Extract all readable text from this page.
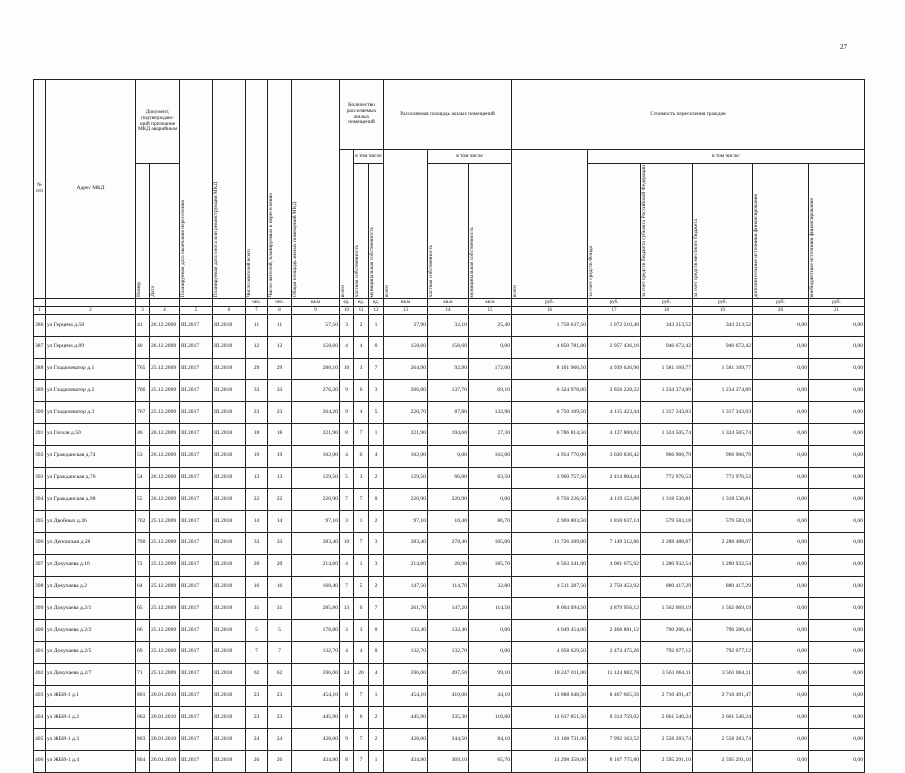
27
№ п/п	Адрес МКД	Документ, подтверждаю-щий признание МКД аварийным		Планируемая дата окончания переселения	Планируемая дата сноса или реконструкции МКД	Число жителей всего	Число жителей, планируемых к переселению	Общая площадь жилых помещений МКД	Количество расселяемых жилых помещений			Расселяемая площадь жилых помещений			Стоимость переселения граждан					

									всего	в том числе		всего	в том числе		всего	в том числе:				

		Номер	Дата							частная собственность	муниципальная собственность		частная собственность	муниципальная собственность		за счет средств Фонда	за счет средств бюджета субъекта Российской Федерации	за счет средств местного бюджета	дополнительные источники финансирования	внебюджетные источники финансирования

						чел.	чел.	кв.м	ед.	ед.	ед.	кв.м	кв.м	кв.м	руб.	руб.	руб.	руб.	руб.	руб.
1	2	3	4	5	6	7	8	9	10	11	12	13	14	15	16	17	18	19	20	21
386	ул Герцена д.58	41	26.12.2009	III.2017	III.2018	11	11	57,50	3	2	1	37,90	32,10	25,40	1 758 637,50	1 072 210,46	343 213,52	343 213,52	0,00	0,00
387	ул Герцена д.89	40	26.12.2009	III.2017	III.2018	12	12	158,60	4	4	0	158,60	158,60	0,00	4 850 781,00	2 957 436,16	946 672,42	946 672,42	0,00	0,00
388	ул Гладилеватор д.1	765	25.12.2009	III.2017	III.2018	29	29	288,10	10	3	7	264,90	92,90	172,00	8 101 966,50	4 939 626,96	1 581 169,77	1 581 169,77	0,00	0,00
389	ул Гладилеватор д.2	766	25.12.2009	III.2017	III.2018	33	33	276,20	9	6	3	206,80	137,70	69,10	6 324 978,00	3 856 228,22	1 234 374,89	1 234 374,89	0,00	0,00
390	ул Гладилеватор д.3	767	25.12.2009	III.2017	III.2018	23	23	264,20	9	4	5	220,70	87,80	132,90	6 750 109,50	4 115 423,44	1 317 343,03	1 317 343,03	0,00	0,00
391	ул Гоголя д.50	46	26.12.2009	III.2017	III.2018	18	18	221,90	8	7	1	221,90	194,60	27,30	6 786 814,50	4 137 800,02	1 324 505,74	1 324 505,74	0,00	0,00
392	ул Гражданская д.74	53	26.12.2009	III.2017	III.2018	19	19	162,00	4	0	4	162,00	0,00	162,00	4 954 770,00	3 020 836,42	966 966,79	966 966,79	0,00	0,00
393	ул Гражданская д.76	54	26.12.2009	III.2017	III.2018	13	13	129,50	5	3	2	129,50	66,00	63,50	3 960 757,50	2 414 804,44	772 976,53	772 976,53	0,00	0,00
394	ул Гражданская д.98	55	26.12.2009	III.2017	III.2018	22	22	220,90	7	7	0	220,90	220,90	0,00	6 756 226,50	4 119 152,88	1 318 536,81	1 318 536,81	0,00	0,00
395	ул Двойных д.36	762	25.12.2009	III.2017	III.2018	14	14	97,10	3	1	2	97,10	10,40	86,70	2 969 803,50	1 810 637,14	579 583,18	579 583,18	0,00	0,00
396	ул Депонская д.28	790	25.12.2009	III.2017	III.2018	33	33	383,40	10	7	3	383,40	278,40	105,00	11 726 289,00	7 149 312,86	2 288 488,07	2 288 488,07	0,00	0,00
397	ул Докучаева д.16	72	25.12.2009	III.2017	III.2018	20	20	214,60	4	1	3	214,60	28,90	185,70	6 563 341,00	4 001 675,92	1 280 932,54	1 280 932,54	0,00	0,00
398	ул Докучаева д.2	64	25.12.2009	III.2017	III.2018	16	16	168,40	7	5	2	147,50	114,70	32,80	4 511 287,50	2 750 452,92	880 417,29	880 417,29	0,00	0,00
399	ул Докучаева д.2/1	65	25.12.2009	III.2017	III.2018	31	31	285,80	13	6	7	261,70	147,20	114,50	8 004 094,50	4 879 956,12	1 562 069,19	1 562 069,19	0,00	0,00
400	ул Докучаева д.2/2	66	25.12.2009	III.2017	III.2018	5	5	178,80	3	3	0	132,40	132,40	0,00	4 049 454,00	2 468 881,12	790 286,44	790 286,44	0,00	0,00
401	ул Докучаева д.2/5	69	25.12.2009	III.2017	III.2018	7	7	132,70	4	4	0	132,70	132,70	0,00	4 058 629,50	2 474 475,26	792 077,12	792 077,12	0,00	0,00
402	ул Докучаева д.2/7	71	25.12.2009	III.2017	III.2018	62	62	596,60	24	20	4	596,60	497,50	99,10	18 247 011,00	11 124 882,78	3 561 064,11	3 561 064,11	0,00	0,00
403	ул ЖБИ-1 д.1	801	20.01.2010	III.2017	III.2018	23	23	454,10	8	7	1	454,10	410,00	44,10	13 888 648,50	8 467 665,56	2 710 491,47	2 710 491,47	0,00	0,00
404	ул ЖБИ-1 д.2	802	20.01.2010	III.2017	III.2018	23	23	445,90	8	6	2	445,90	335,30	110,60	13 637 851,50	8 314 759,02	2 661 546,24	2 661 546,24	0,00	0,00
405	ул ЖБИ-1 д.3	803	20.01.2010	III.2017	III.2018	24	24	428,60	9	7	2	428,60	344,50	84,10	13 108 731,00	7 992 163,52	2 558 283,74	2 558 283,74	0,00	0,00
406	ул ЖБИ-1 д.4	804	20.01.2010	III.2017	III.2018	26	26	434,80	8	7	1	434,80	369,10	65,70	13 298 358,00	8 107 775,80	2 595 291,10	2 595 291,10	0,00	0,00
